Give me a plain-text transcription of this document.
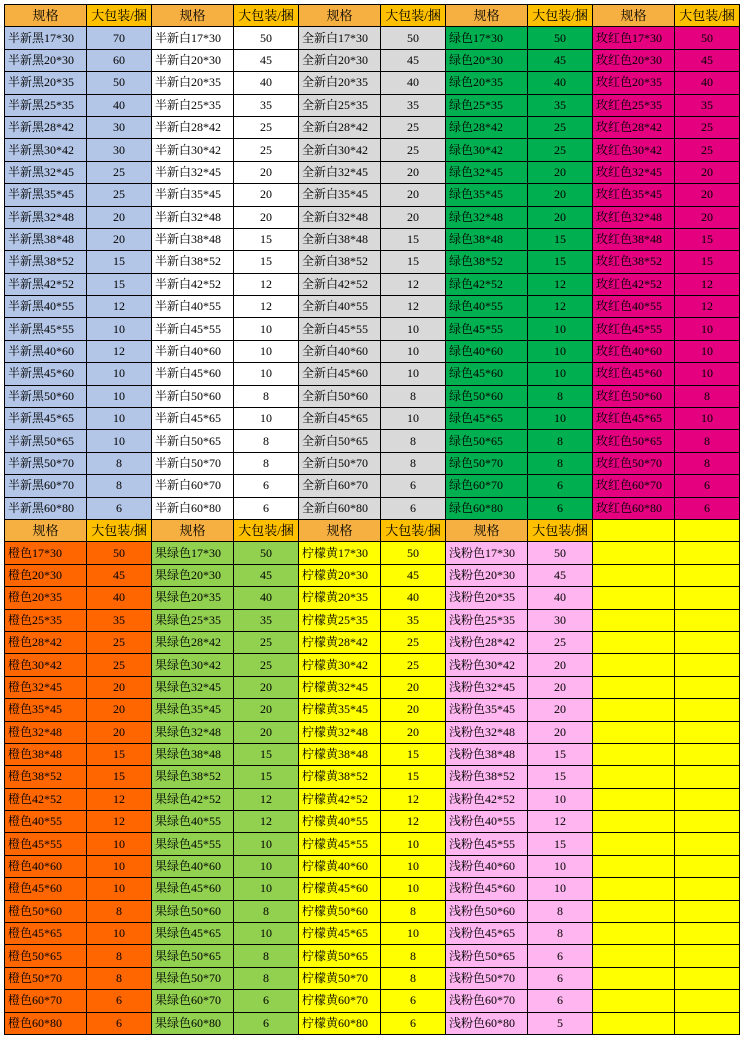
规格	大包装/捆	规格	大包装/捆	规格	大包装/捆	规格	大包装/捆	规格	大包装/捆
半新黑17*30	70	半新白17*30	50	全新白17*30	50	绿色17*30	50	玫红色17*30	50
半新黑20*30	60	半新白20*30	45	全新白20*30	45	绿色20*30	45	玫红色20*30	45
半新黑20*35	50	半新白20*35	40	全新白20*35	40	绿色20*35	40	玫红色20*35	40
半新黑25*35	40	半新白25*35	35	全新白25*35	35	绿色25*35	35	玫红色25*35	35
半新黑28*42	30	半新白28*42	25	全新白28*42	25	绿色28*42	25	玫红色28*42	25
半新黑30*42	30	半新白30*42	25	全新白30*42	25	绿色30*42	25	玫红色30*42	25
半新黑32*45	25	半新白32*45	20	全新白32*45	20	绿色32*45	20	玫红色32*45	20
半新黑35*45	25	半新白35*45	20	全新白35*45	20	绿色35*45	20	玫红色35*45	20
半新黑32*48	20	半新白32*48	20	全新白32*48	20	绿色32*48	20	玫红色32*48	20
半新黑38*48	20	半新白38*48	15	全新白38*48	15	绿色38*48	15	玫红色38*48	15
半新黑38*52	15	半新白38*52	15	全新白38*52	15	绿色38*52	15	玫红色38*52	15
半新黑42*52	15	半新白42*52	12	全新白42*52	12	绿色42*52	12	玫红色42*52	12
半新黑40*55	12	半新白40*55	12	全新白40*55	12	绿色40*55	12	玫红色40*55	12
半新黑45*55	10	半新白45*55	10	全新白45*55	10	绿色45*55	10	玫红色45*55	10
半新黑40*60	12	半新白40*60	10	全新白40*60	10	绿色40*60	10	玫红色40*60	10
半新黑45*60	10	半新白45*60	10	全新白45*60	10	绿色45*60	10	玫红色45*60	10
半新黑50*60	10	半新白50*60	8	全新白50*60	8	绿色50*60	8	玫红色50*60	8
半新黑45*65	10	半新白45*65	10	全新白45*65	10	绿色45*65	10	玫红色45*65	10
半新黑50*65	10	半新白50*65	8	全新白50*65	8	绿色50*65	8	玫红色50*65	8
半新黑50*70	8	半新白50*70	8	全新白50*70	8	绿色50*70	8	玫红色50*70	8
半新黑60*70	8	半新白60*70	6	全新白60*70	6	绿色60*70	6	玫红色60*70	6
半新黑60*80	6	半新白60*80	6	全新白60*80	6	绿色60*80	6	玫红色60*80	6
规格	大包装/捆	规格	大包装/捆	规格	大包装/捆	规格	大包装/捆		
橙色17*30	50	果绿色17*30	50	柠檬黄17*30	50	浅粉色17*30	50		
橙色20*30	45	果绿色20*30	45	柠檬黄20*30	45	浅粉色20*30	45		
橙色20*35	40	果绿色20*35	40	柠檬黄20*35	40	浅粉色20*35	40		
橙色25*35	35	果绿色25*35	35	柠檬黄25*35	35	浅粉色25*35	30		
橙色28*42	25	果绿色28*42	25	柠檬黄28*42	25	浅粉色28*42	25		
橙色30*42	25	果绿色30*42	25	柠檬黄30*42	25	浅粉色30*42	20		
橙色32*45	20	果绿色32*45	20	柠檬黄32*45	20	浅粉色32*45	20		
橙色35*45	20	果绿色35*45	20	柠檬黄35*45	20	浅粉色35*45	20		
橙色32*48	20	果绿色32*48	20	柠檬黄32*48	20	浅粉色32*48	20		
橙色38*48	15	果绿色38*48	15	柠檬黄38*48	15	浅粉色38*48	15		
橙色38*52	15	果绿色38*52	15	柠檬黄38*52	15	浅粉色38*52	15		
橙色42*52	12	果绿色42*52	12	柠檬黄42*52	12	浅粉色42*52	10		
橙色40*55	12	果绿色40*55	12	柠檬黄40*55	12	浅粉色40*55	12		
橙色45*55	10	果绿色45*55	10	柠檬黄45*55	10	浅粉色45*55	15		
橙色40*60	10	果绿色40*60	10	柠檬黄40*60	10	浅粉色40*60	10		
橙色45*60	10	果绿色45*60	10	柠檬黄45*60	10	浅粉色45*60	10		
橙色50*60	8	果绿色50*60	8	柠檬黄50*60	8	浅粉色50*60	8		
橙色45*65	10	果绿色45*65	10	柠檬黄45*65	10	浅粉色45*65	8		
橙色50*65	8	果绿色50*65	8	柠檬黄50*65	8	浅粉色50*65	6		
橙色50*70	8	果绿色50*70	8	柠檬黄50*70	8	浅粉色50*70	6		
橙色60*70	6	果绿色60*70	6	柠檬黄60*70	6	浅粉色60*70	6		
橙色60*80	6	果绿色60*80	6	柠檬黄60*80	6	浅粉色60*80	5		
